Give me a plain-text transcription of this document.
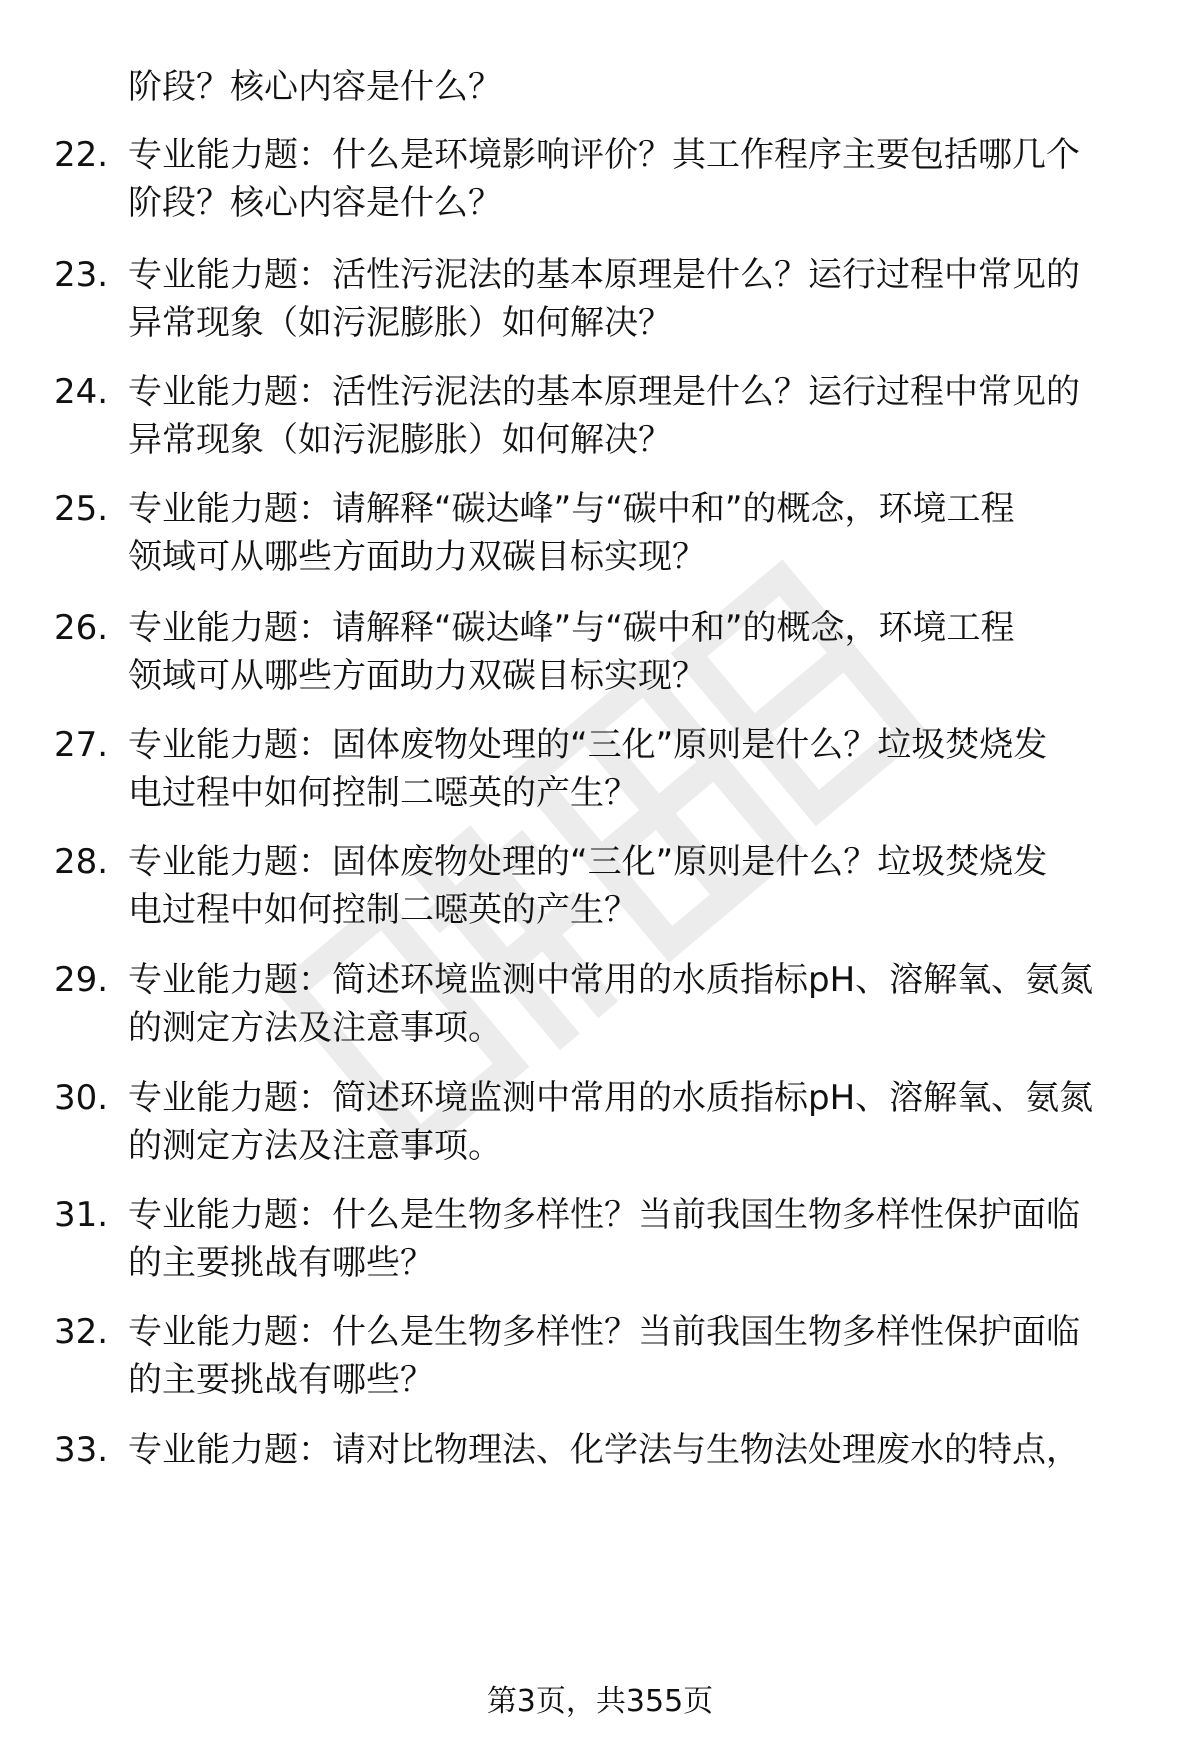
阶段？核心内容是什么？
22. 专业能力题：什么是环境影响评价？其工作程序主要包括哪几个
阶段？核心内容是什么？
23. 专业能力题：活性污泥法的基本原理是什么？运行过程中常见的
异常现象（如污泥膨胀）如何解决？
24. 专业能力题：活性污泥法的基本原理是什么？运行过程中常见的
异常现象（如污泥膨胀）如何解决？
25. 专业能力题：请解释“碳达峰”与“碳中和”的概念，环境工程
领域可从哪些方面助力双碳目标实现？
26. 专业能力题：请解释“碳达峰”与“碳中和”的概念，环境工程
领域可从哪些方面助力双碳目标实现？
27. 专业能力题：固体废物处理的“三化”原则是什么？垃圾焚烧发
电过程中如何控制二噁英的产生？
28. 专业能力题：固体废物处理的“三化”原则是什么？垃圾焚烧发
电过程中如何控制二噁英的产生？
29. 专业能力题：简述环境监测中常用的水质指标pH、溶解氧、氨氮
的测定方法及注意事项。
30. 专业能力题：简述环境监测中常用的水质指标pH、溶解氧、氨氮
的测定方法及注意事项。
31. 专业能力题：什么是生物多样性？当前我国生物多样性保护面临
的主要挑战有哪些？
32. 专业能力题：什么是生物多样性？当前我国生物多样性保护面临
的主要挑战有哪些？
33. 专业能力题：请对比物理法、化学法与生物法处理废水的特点，
第3页，共355页
